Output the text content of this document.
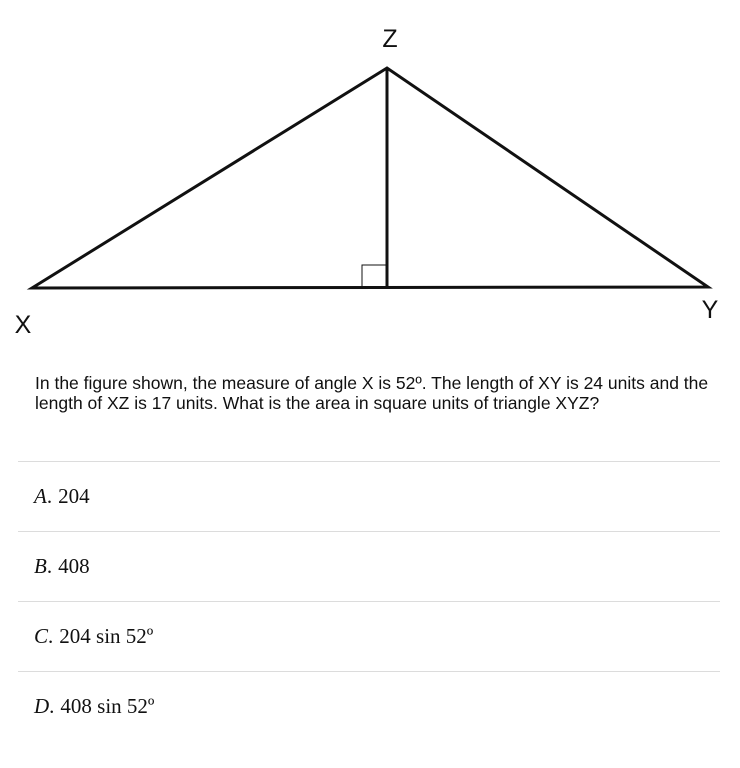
Z
X
Y
In the figure shown, the measure of angle X is 52º. The length of XY is 24 units and the length of XZ is 17 units. What is the area in square units of triangle XYZ?
A . 204
B . 408
C . 204 sin 52º
D . 408 sin 52º
